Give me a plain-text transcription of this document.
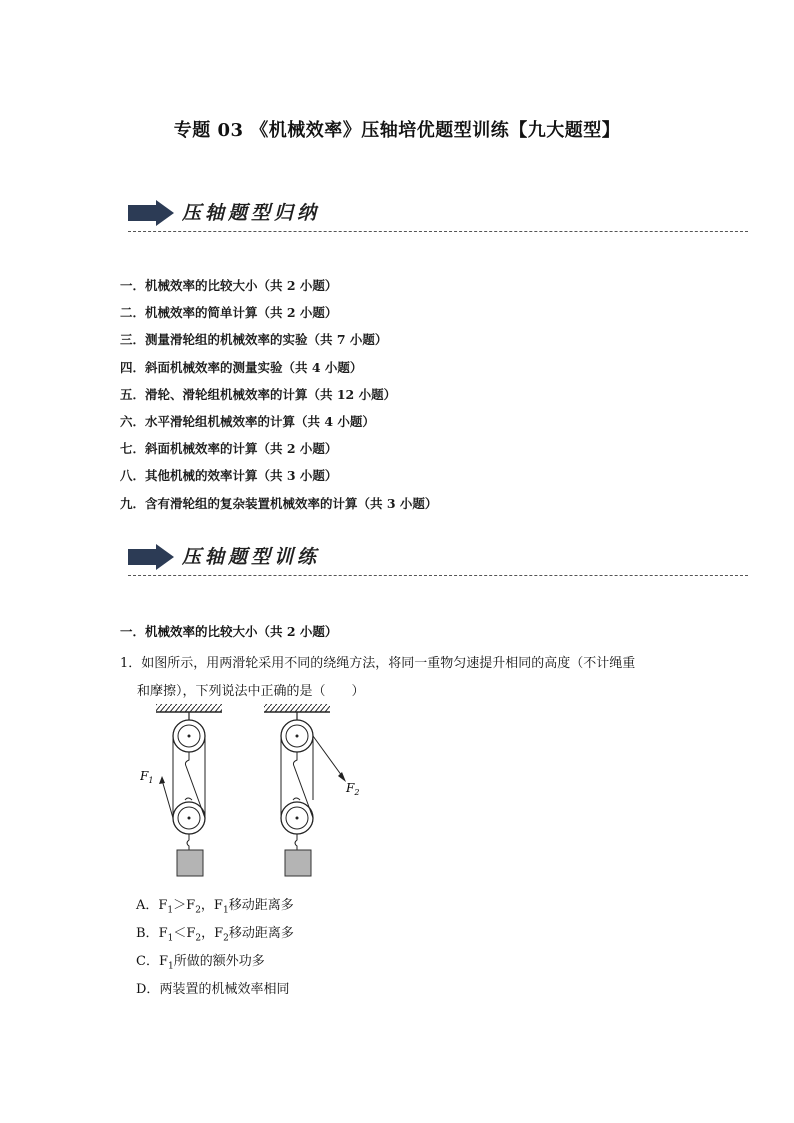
专题 03 《机械效率》压轴培优题型训练【九大题型】
压轴题型归纳
一．机械效率的比较大小（共 2 小题）
二．机械效率的简单计算（共 2 小题）
三．测量滑轮组的机械效率的实验（共 7 小题）
四．斜面机械效率的测量实验（共 4 小题）
五．滑轮、滑轮组机械效率的计算（共 12 小题）
六．水平滑轮组机械效率的计算（共 4 小题）
七．斜面机械效率的计算（共 2 小题）
八．其他机械的效率计算（共 3 小题）
九．含有滑轮组的复杂装置机械效率的计算（共 3 小题）
压轴题型训练
一．机械效率的比较大小（共 2 小题）
1．如图所示，用两滑轮采用不同的绕绳方法，将同一重物匀速提升相同的高度（不计绳重
和摩擦），下列说法中正确的是（　　）
$F_1$
$F_2$
A．$F_1>F_2$，$F_1$移动距离多
B．$F_1<F_2$，$F_2$移动距离多
C．$F_1$所做的额外功多
D．两装置的机械效率相同
